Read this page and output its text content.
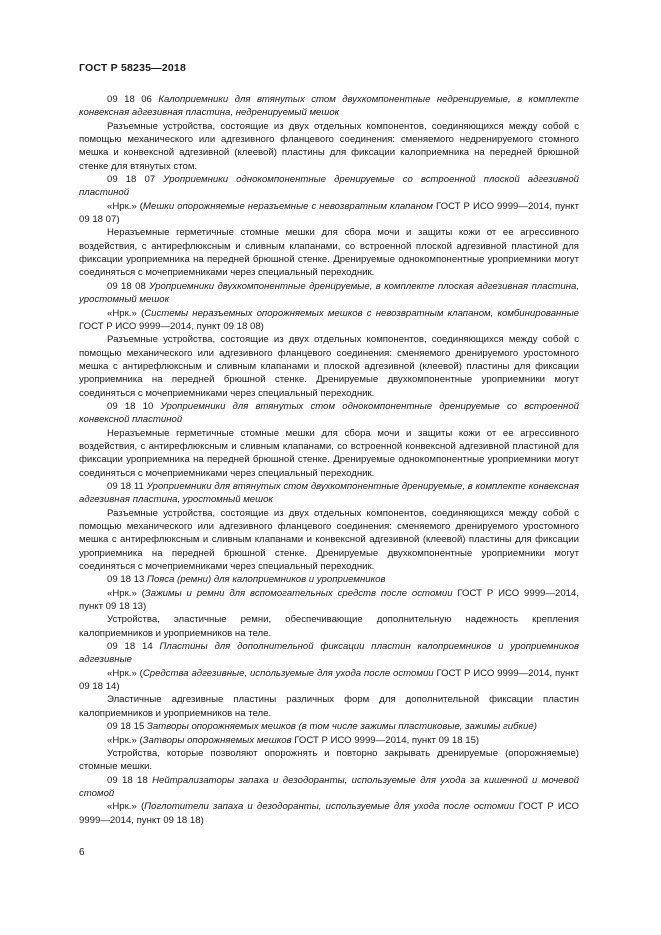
ГОСТ Р 58235—2018

09 18 06 Калоприемники для втянутых стом двухкомпонентные недренируемые, в комплекте конвексная адгезивная пластина, недренируемый мешок

Разъемные устройства, состоящие из двух отдельных компонентов, соединяющихся между собой с помощью механического или адгезивного фланцевого соединения: сменяемого недренируемого стомного мешка и конвексной адгезивной (клеевой) пластины для фиксации калоприемника на передней брюшной стенке для втянутых стом.

09 18 07 Уроприемники однокомпонентные дренируемые со встроенной плоской адгезивной пластиной

«Нрк.» (Мешки опорожняемые неразъемные с невозвратным клапаном ГОСТ Р ИСО 9999—2014, пункт 09 18 07)

Неразъемные герметичные стомные мешки для сбора мочи и защиты кожи от ее агрессивного воздействия, с антирефлюксным и сливным клапанами, со встроенной плоской адгезивной пластиной для фиксации уроприемника на передней брюшной стенке. Дренируемые однокомпонентные уроприемники могут соединяться с мочеприемниками через специальный переходник.

09 18 08 Уроприемники двухкомпонентные дренируемые, в комплекте плоская адгезивная пластина, уростомный мешок

«Нрк.» (Системы неразъемных опорожняемых мешков с невозвратным клапаном, комбинированные ГОСТ Р ИСО 9999—2014, пункт 09 18 08)

Разъемные устройства, состоящие из двух отдельных компонентов, соединяющихся между собой с помощью механического или адгезивного фланцевого соединения: сменяемого дренируемого уростомного мешка с антирефлюксным и сливным клапанами и плоской адгезивной (клеевой) пластины для фиксации уроприемника на передней брюшной стенке. Дренируемые двухкомпонентные уроприемники могут соединяться с мочеприемниками через специальный переходник.

09 18 10 Уроприемники для втянутых стом однокомпонентные дренируемые со встроенной конвексной пластиной

Неразъемные герметичные стомные мешки для сбора мочи и защиты кожи от ее агрессивного воздействия, с антирефлюксным и сливным клапанами, со встроенной конвексной адгезивной пластиной для фиксации уроприемника на передней брюшной стенке. Дренируемые однокомпонентные уроприемники могут соединяться с мочеприемниками через специальный переходник.

09 18 11 Уроприемники для втянутых стом двухкомпонентные дренируемые, в комплекте конвексная адгезивная пластина, уростомный мешок

Разъемные устройства, состоящие из двух отдельных компонентов, соединяющихся между собой с помощью механического или адгезивного фланцевого соединения: сменяемого дренируемого уростомного мешка с антирефлюксным и сливным клапанами и конвексной адгезивной (клеевой) пластины для фиксации уроприемника на передней брюшной стенке. Дренируемые двухкомпонентные уроприемники могут соединяться с мочеприемниками через специальный переходник.

09 18 13 Пояса (ремни) для калоприемников и уроприемников

«Нрк.» (Зажимы и ремни для вспомогательных средств после остомии ГОСТ Р ИСО 9999—2014, пункт 09 18 13)

Устройства, эластичные ремни, обеспечивающие дополнительную надежность крепления калоприемников и уроприемников на теле.

09 18 14 Пластины для дополнительной фиксации пластин калоприемников и уроприемников адгезивные

«Нрк.» (Средства адгезивные, используемые для ухода после остомии ГОСТ Р ИСО 9999—2014, пункт 09 18 14)

Эластичные адгезивные пластины различных форм для дополнительной фиксации пластин калоприемников и уроприемников на теле.

09 18 15 Затворы опорожняемых мешков (в том числе зажимы пластиковые, зажимы гибкие)

«Нрк.» (Затворы опорожняемых мешков ГОСТ Р ИСО 9999—2014, пункт 09 18 15)

Устройства, которые позволяют опорожнять и повторно закрывать дренируемые (опорожняемые) стомные мешки.

09 18 18 Нейтрализаторы запаха и дезодоранты, используемые для ухода за кишечной и мочевой стомой

«Нрк.» (Поглотители запаха и дезодоранты, используемые для ухода после остомии ГОСТ Р ИСО 9999—2014, пункт 09 18 18)

6
